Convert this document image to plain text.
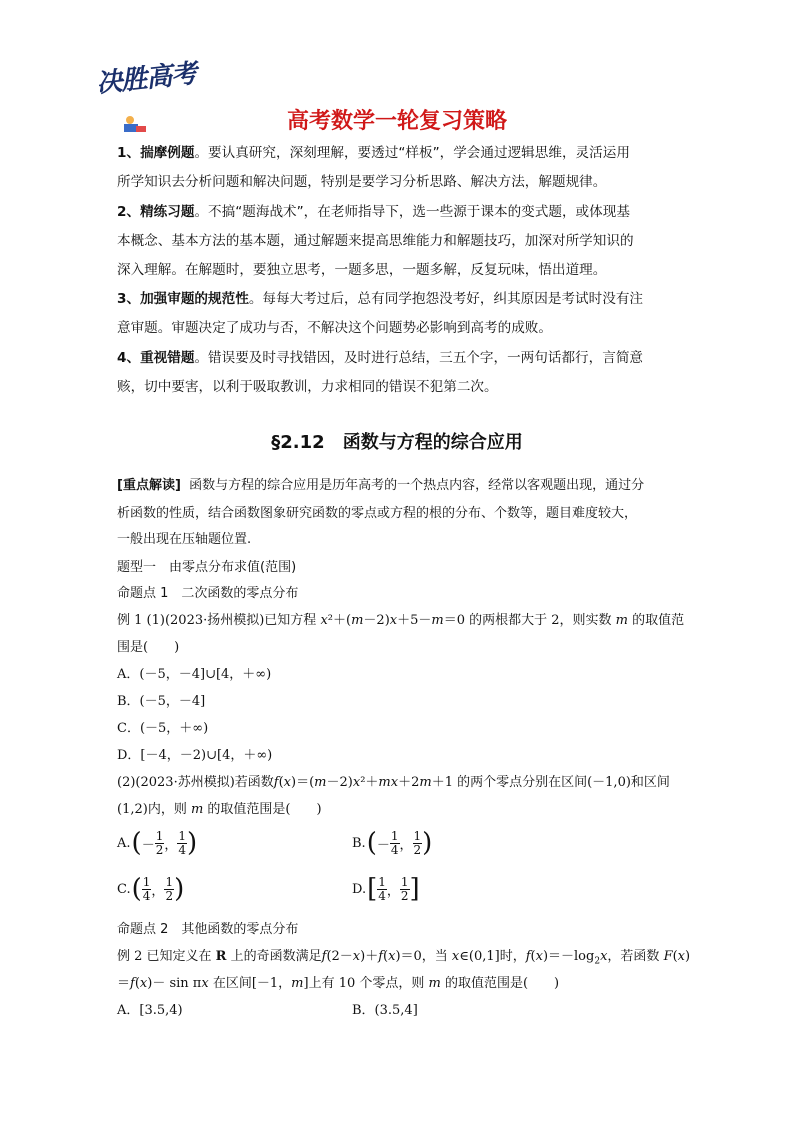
决胜高考
高考数学一轮复习策略
1、揣摩例题。要认真研究，深刻理解，要透过“样板”，学会通过逻辑思维，灵活运用
所学知识去分析问题和解决问题，特别是要学习分析思路、解决方法，解题规律。
2、精练习题。不搞“题海战术”，在老师指导下，选一些源于课本的变式题，或体现基
本概念、基本方法的基本题，通过解题来提高思维能力和解题技巧，加深对所学知识的
深入理解。在解题时，要独立思考，一题多思，一题多解，反复玩味，悟出道理。
3、加强审题的规范性。每每大考过后，总有同学抱怨没考好，纠其原因是考试时没有注
意审题。审题决定了成功与否，不解决这个问题势必影响到高考的成败。
4、重视错题。错误要及时寻找错因，及时进行总结，三五个字，一两句话都行，言简意
赅，切中要害，以利于吸取教训，力求相同的错误不犯第二次。
§2.12 函数与方程的综合应用
[重点解读] 函数与方程的综合应用是历年高考的一个热点内容，经常以客观题出现，通过分
析函数的性质，结合函数图象研究函数的零点或方程的根的分布、个数等，题目难度较大，
一般出现在压轴题位置.
题型一　由零点分布求值(范围)
命题点 1　二次函数的零点分布
例 1 (1)(2023·扬州模拟)已知方程 x²＋(m－2)x＋5－m＝0 的两根都大于 2，则实数 m 的取值范
围是(　　)
A．(－5，－4]∪[4，＋∞)
B．(－5，－4]
C．(－5，＋∞)
D．[－4，－2)∪[4，＋∞)
(2)(2023·苏州模拟)若函数f(x)＝(m－2)x²＋mx＋2m＋1 的两个零点分别在区间(－1,0)和区间
(1,2)内，则 m 的取值范围是(　　)
A. ( － $\frac{1}{2}$ ， $\frac{1}{4}$ )	B. ( － $\frac{1}{4}$ ， $\frac{1}{2}$ )
C. ( $\frac{1}{4}$ ， $\frac{1}{2}$ )	D. [ $\frac{1}{4}$ ， $\frac{1}{2}$ ]
命题点 2　其他函数的零点分布
例 2 已知定义在 R 上的奇函数满足f(2－x)＋f(x)＝0，当 x∈(0,1]时，$f(x)=-\log_2x$，若函数 F(x)
＝f(x)－ sin πx 在区间[－1，m]上有 10 个零点，则 m 的取值范围是(　　)
A．[3.5,4)	B．(3.5,4]
